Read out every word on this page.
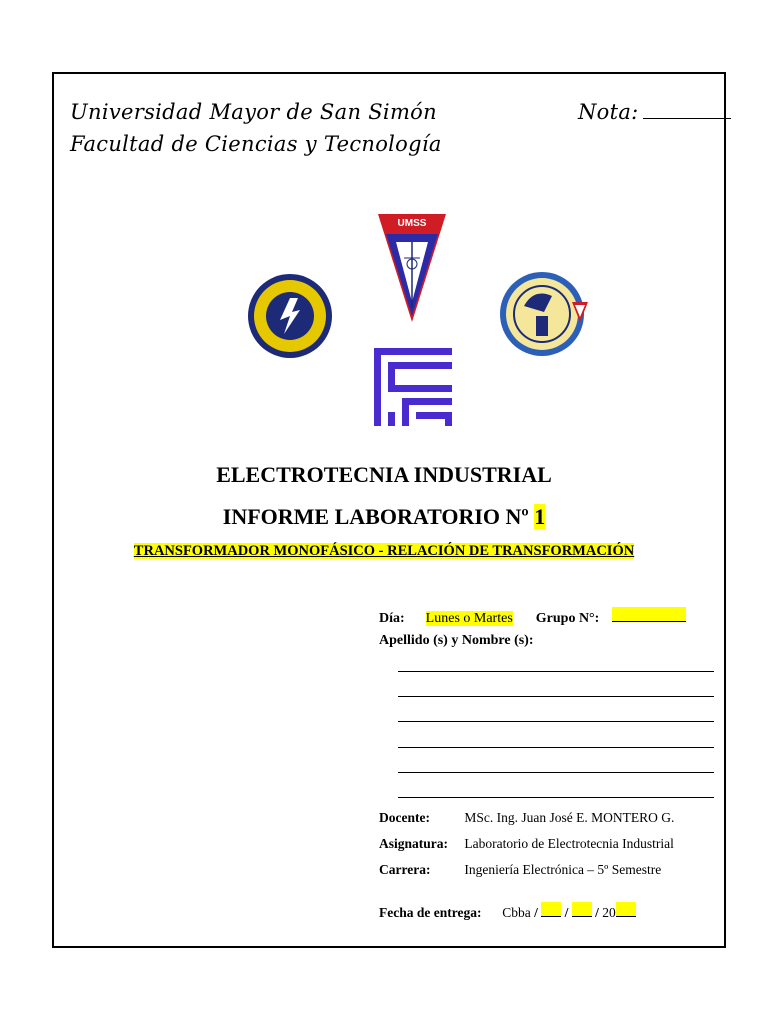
Universidad Mayor de San Simón
Facultad de Ciencias y Tecnología
Nota:
UMSS
ELECTROTECNIA INDUSTRIAL
INFORME LABORATORIO Nº 1
TRANSFORMADOR MONOFÁSICO - RELACIÓN DE TRANSFORMACIÓN
Día: Lunes o Martes Grupo N°:
Apellido (s) y Nombre (s):
Docente:	MSc. Ing. Juan José E. MONTERO G.
Asignatura: Laboratorio de Electrotecnia Industrial
Carrera:	Ingeniería Electrónica – 5º Semestre
Fecha de entrega: Cbba / / / 20
